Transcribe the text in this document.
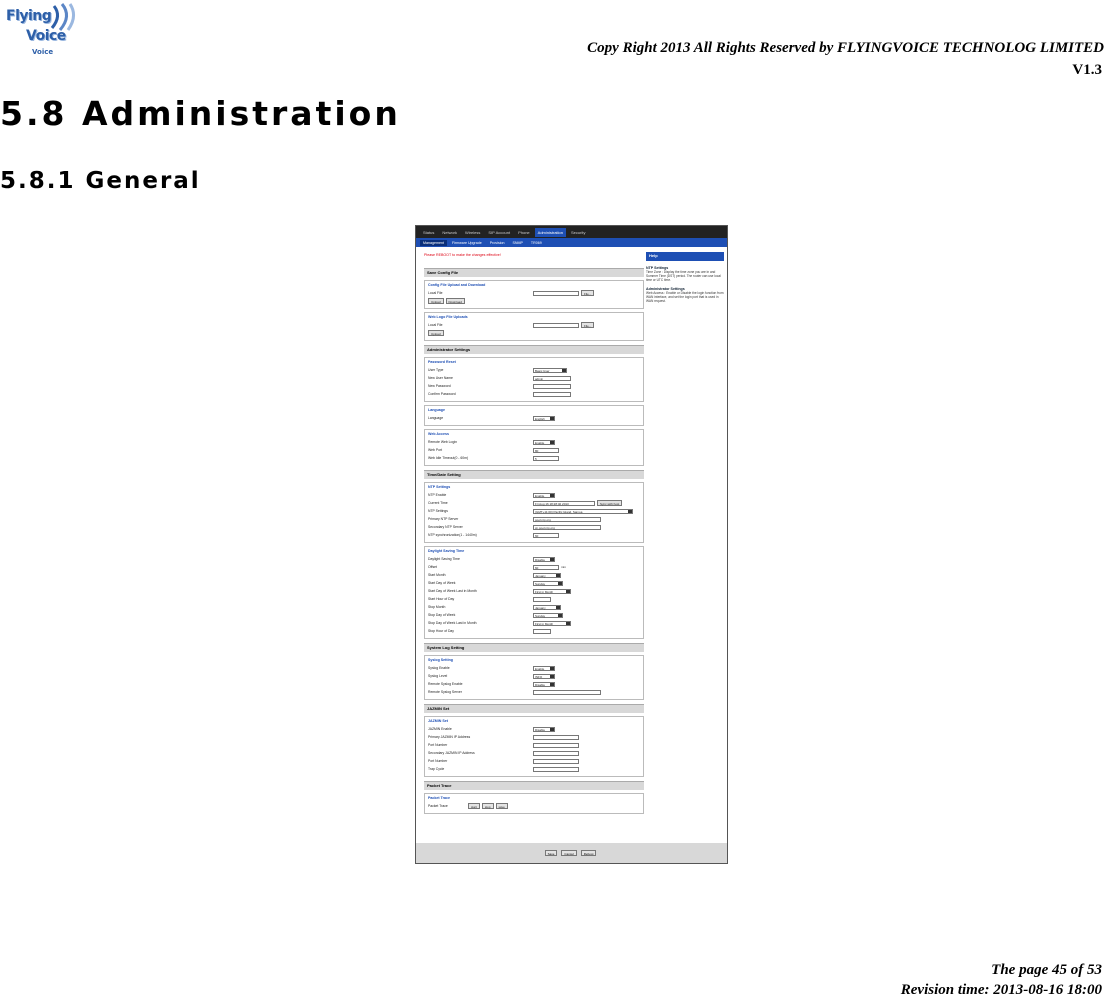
Flying
Voice
Voice	Copy Right 2013 All Rights Reserved by FLYINGVOICE TECHNOLOG LIMITED
V1.3
5.8 Administration
5.8.1 General
Status	Network	Wireless	SIP Account	Phone	Administration	Security
Management	Firmware Upgrade	Provision	SNMP	TR069
Please REBOOT to make the changes effective!
Save Config File
Config File Upload and Download
Local File	File...
Upload	Download
Web Logo File Uploads
Local File	File...
Upload
Administrator Settings
Password Reset
User Type	Basic User
New User Name	admin
New Password
Confirm Password
Language
Language	English
Web Access
Remote Web Login	Enable
Web Port	80
Web Idle Timeout(0 - 60m)	5
Time/Date Setting
NTP Settings
NTP Enable	Enable
Current Time	Fri Aug 16 18:28:40 2013	Sync with host
NTP Settings	(GMT+11:00) Pacific Island, Samoa
Primary NTP Server	pool.ntp.org
Secondary NTP Server	cn.pool.ntp.org
NTP synchronization(1 - 1440m)	60
Daylight Saving Time
Daylight Saving Time	Disable
Offset	60	min
Start Month	January
Start Day of Week	Sunday
Start Day of Week Last in Month	First in Month
Start Hour of Day
Stop Month	January
Stop Day of Week	Sunday
Stop Day of Week Last in Month	First in Month
Stop Hour of Day
System Log Setting
Syslog Setting
Syslog Enable	Enable
Syslog Level	INFO
Remote Syslog Enable	Disable
Remote Syslog Server
JAZMIN Set
JAZMIN Set
JAZMIN Enable	Disable
Primary JAZMIN IP Address
Port Number
Secondary JAZMIN IP Address
Port Number
Trap Cycle
Packet Trace
Packet Trace
Packet Trace	start	stop	save
Help
NTP Settings
Time Zone : Display the time zone you are in and Summer Time (DST) period. The router can use local time or UTC time.
Administrator Settings
Web Access : Enable or Disable the login function from WAN interface, and set the login port that is used in WAN request.
Save	Cancel	Reboot
The page 45 of 53
Revision time: 2013-08-16 18:00
